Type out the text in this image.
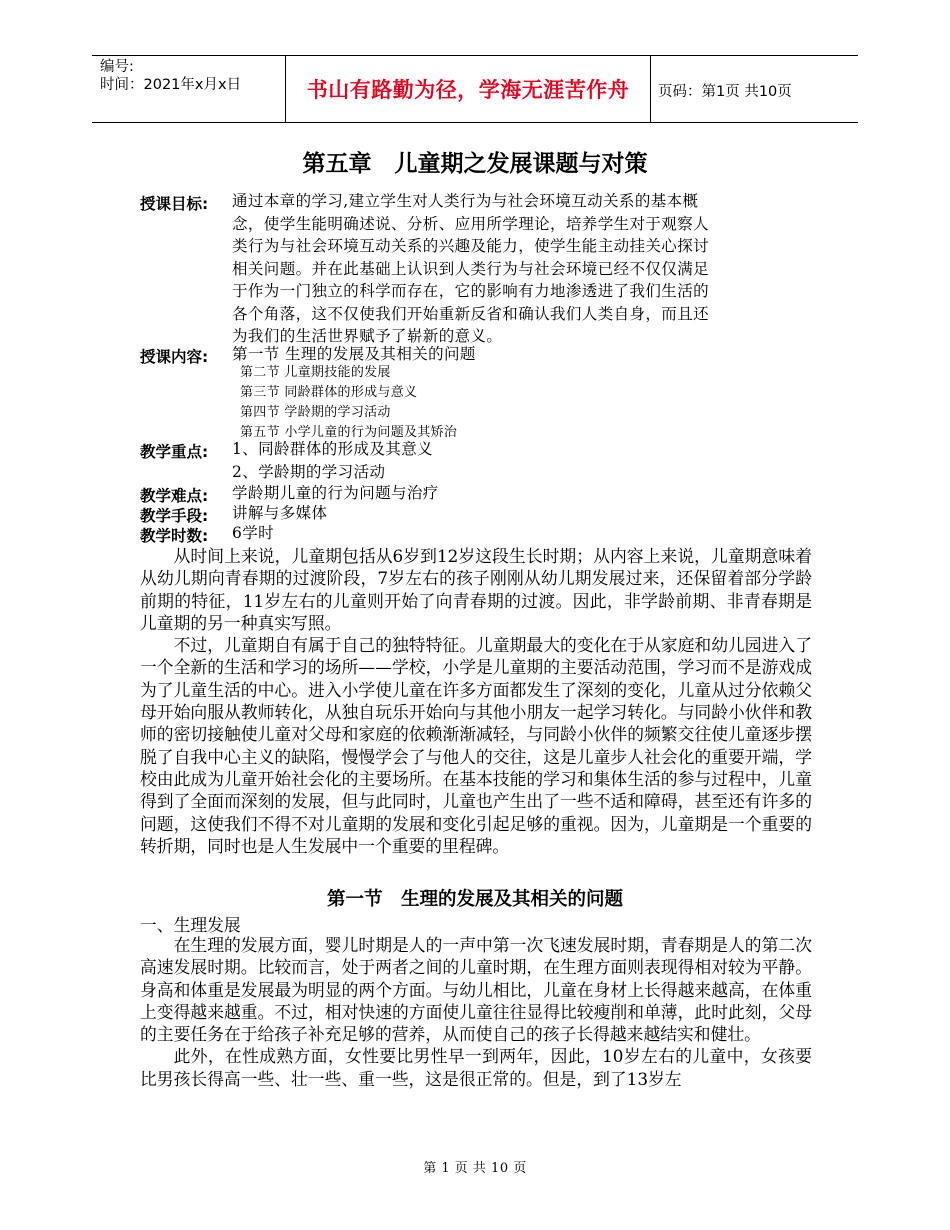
编号:
时间：2021年x月x日	书山有路勤为径，学海无涯苦作舟 页码：第1页 共10页
第五章　儿童期之发展课题与对策
授课目标: 通过本章的学习,建立学生对人类行为与社会环境互动关系的基本概
念，使学生能明确述说、分析、应用所学理论，培养学生对于观察人
类行为与社会环境互动关系的兴趣及能力，使学生能主动挂关心探讨
相关问题。并在此基础上认识到人类行为与社会环境已经不仅仅满足
于作为一门独立的科学而存在，它的影响有力地渗透进了我们生活的
各个角落，这不仅使我们开始重新反省和确认我们人类自身，而且还
为我们的生活世界赋予了崭新的意义。
授课内容: 第一节 生理的发展及其相关的问题
第二节 儿童期技能的发展
第三节 同龄群体的形成与意义
第四节 学龄期的学习活动
第五节 小学儿童的行为问题及其矫治
教学重点: 1、同龄群体的形成及其意义
2、学龄期的学习活动
教学难点: 学龄期儿童的行为问题与治疗
教学手段: 讲解与多媒体
教学时数: 6学时

从时间上来说，儿童期包括从6岁到12岁这段生长时期；从内容上来说，儿童期意味着从幼儿期向青春期的过渡阶段，7岁左右的孩子刚刚从幼儿期发展过来，还保留着部分学龄前期的特征，11岁左右的儿童则开始了向青春期的过渡。因此，非学龄前期、非青春期是儿童期的另一种真实写照。

不过，儿童期自有属于自己的独特特征。儿童期最大的变化在于从家庭和幼儿园进入了一个全新的生活和学习的场所——学校，小学是儿童期的主要活动范围，学习而不是游戏成为了儿童生活的中心。进入小学使儿童在许多方面都发生了深刻的变化，儿童从过分依赖父母开始向服从教师转化，从独自玩乐开始向与其他小朋友一起学习转化。与同龄小伙伴和教师的密切接触使儿童对父母和家庭的依赖渐渐减轻，与同龄小伙伴的频繁交往使儿童逐步摆脱了自我中心主义的缺陷，慢慢学会了与他人的交往，这是儿童步人社会化的重要开端，学校由此成为儿童开始社会化的主要场所。在基本技能的学习和集体生活的参与过程中，儿童得到了全面而深刻的发展，但与此同时，儿童也产生出了一些不适和障碍，甚至还有许多的问题，这使我们不得不对儿童期的发展和变化引起足够的重视。因为，儿童期是一个重要的转折期，同时也是人生发展中一个重要的里程碑。

第一节　生理的发展及其相关的问题
一、生理发展

在生理的发展方面，婴儿时期是人的一声中第一次飞速发展时期，青春期是人的第二次高速发展时期。比较而言，处于两者之间的儿童时期，在生理方面则表现得相对较为平静。身高和体重是发展最为明显的两个方面。与幼儿相比，儿童在身材上长得越来越高，在体重上变得越来越重。不过，相对快速的方面使儿童往往显得比较瘦削和单薄，此时此刻，父母的主要任务在于给孩子补充足够的营养，从而使自己的孩子长得越来越结实和健壮。

此外，在性成熟方面，女性要比男性早一到两年，因此，10岁左右的儿童中，女孩要比男孩长得高一些、壮一些、重一些，这是很正常的。但是，到了13岁左

第 1 页 共 10 页
